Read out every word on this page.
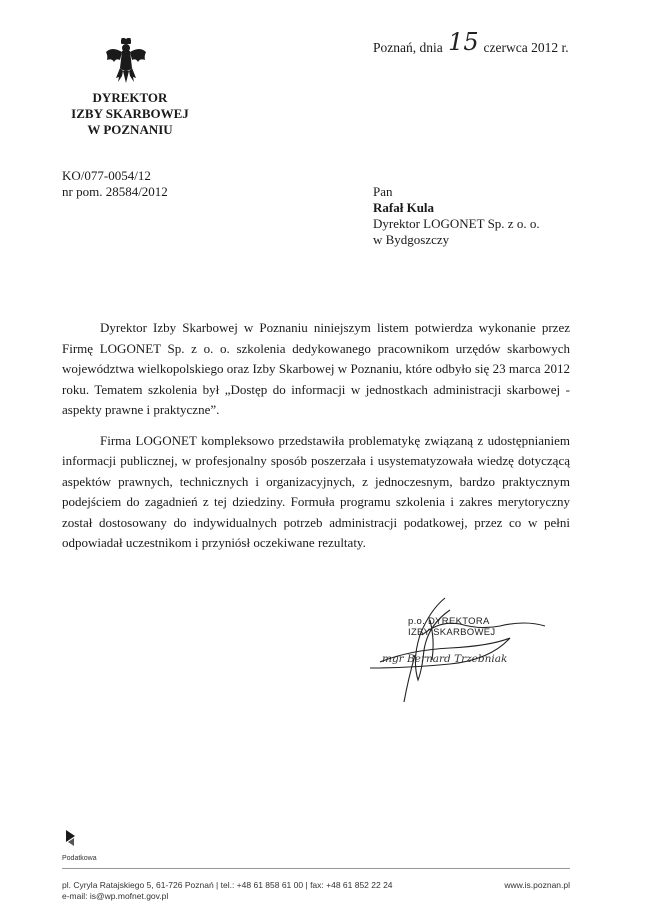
DYREKTOR
IZBY SKARBOWEJ
W POZNANIU
Poznań, dnia 15 czerwca 2012 r.
KO/077-0054/12
nr pom. 28584/2012	Pan
Rafał Kula
Dyrektor LOGONET Sp. z o. o.
w Bydgoszczy

Dyrektor Izby Skarbowej w Poznaniu niniejszym listem potwierdza wykonanie przez Firmę LOGONET Sp. z o. o. szkolenia dedykowanego pracownikom urzędów skarbowych województwa wielkopolskiego oraz Izby Skarbowej w Poznaniu, które odbyło się 23 marca 2012 roku. Tematem szkolenia był „Dostęp do informacji w jednostkach administracji skarbowej - aspekty prawne i praktyczne”.

Firma LOGONET kompleksowo przedstawiła problematykę związaną z udostępnianiem informacji publicznej, w profesjonalny sposób poszerzała i usystematyzowała wiedzę dotyczącą aspektów prawnych, technicznych i organizacyjnych, z jednoczesnym, bardzo praktycznym podejściem do zagadnień z tej dziedziny. Formuła programu szkolenia i zakres merytoryczny został dostosowany do indywidualnych potrzeb administracji podatkowej, przez co w pełni odpowiadał uczestnikom i przyniósł oczekiwane rezultaty.

p.o. DYREKTORA
IZBY SKARBOWEJ
mgr Bernard Trzebniak
Podatkowa
pl. Cyryla Ratajskiego 5, 61-726 Poznań | tel.: +48 61 858 61 00 | fax: +48 61 852 22 24	www.is.poznan.pl
e-mail: is@wp.mofnet.gov.pl
